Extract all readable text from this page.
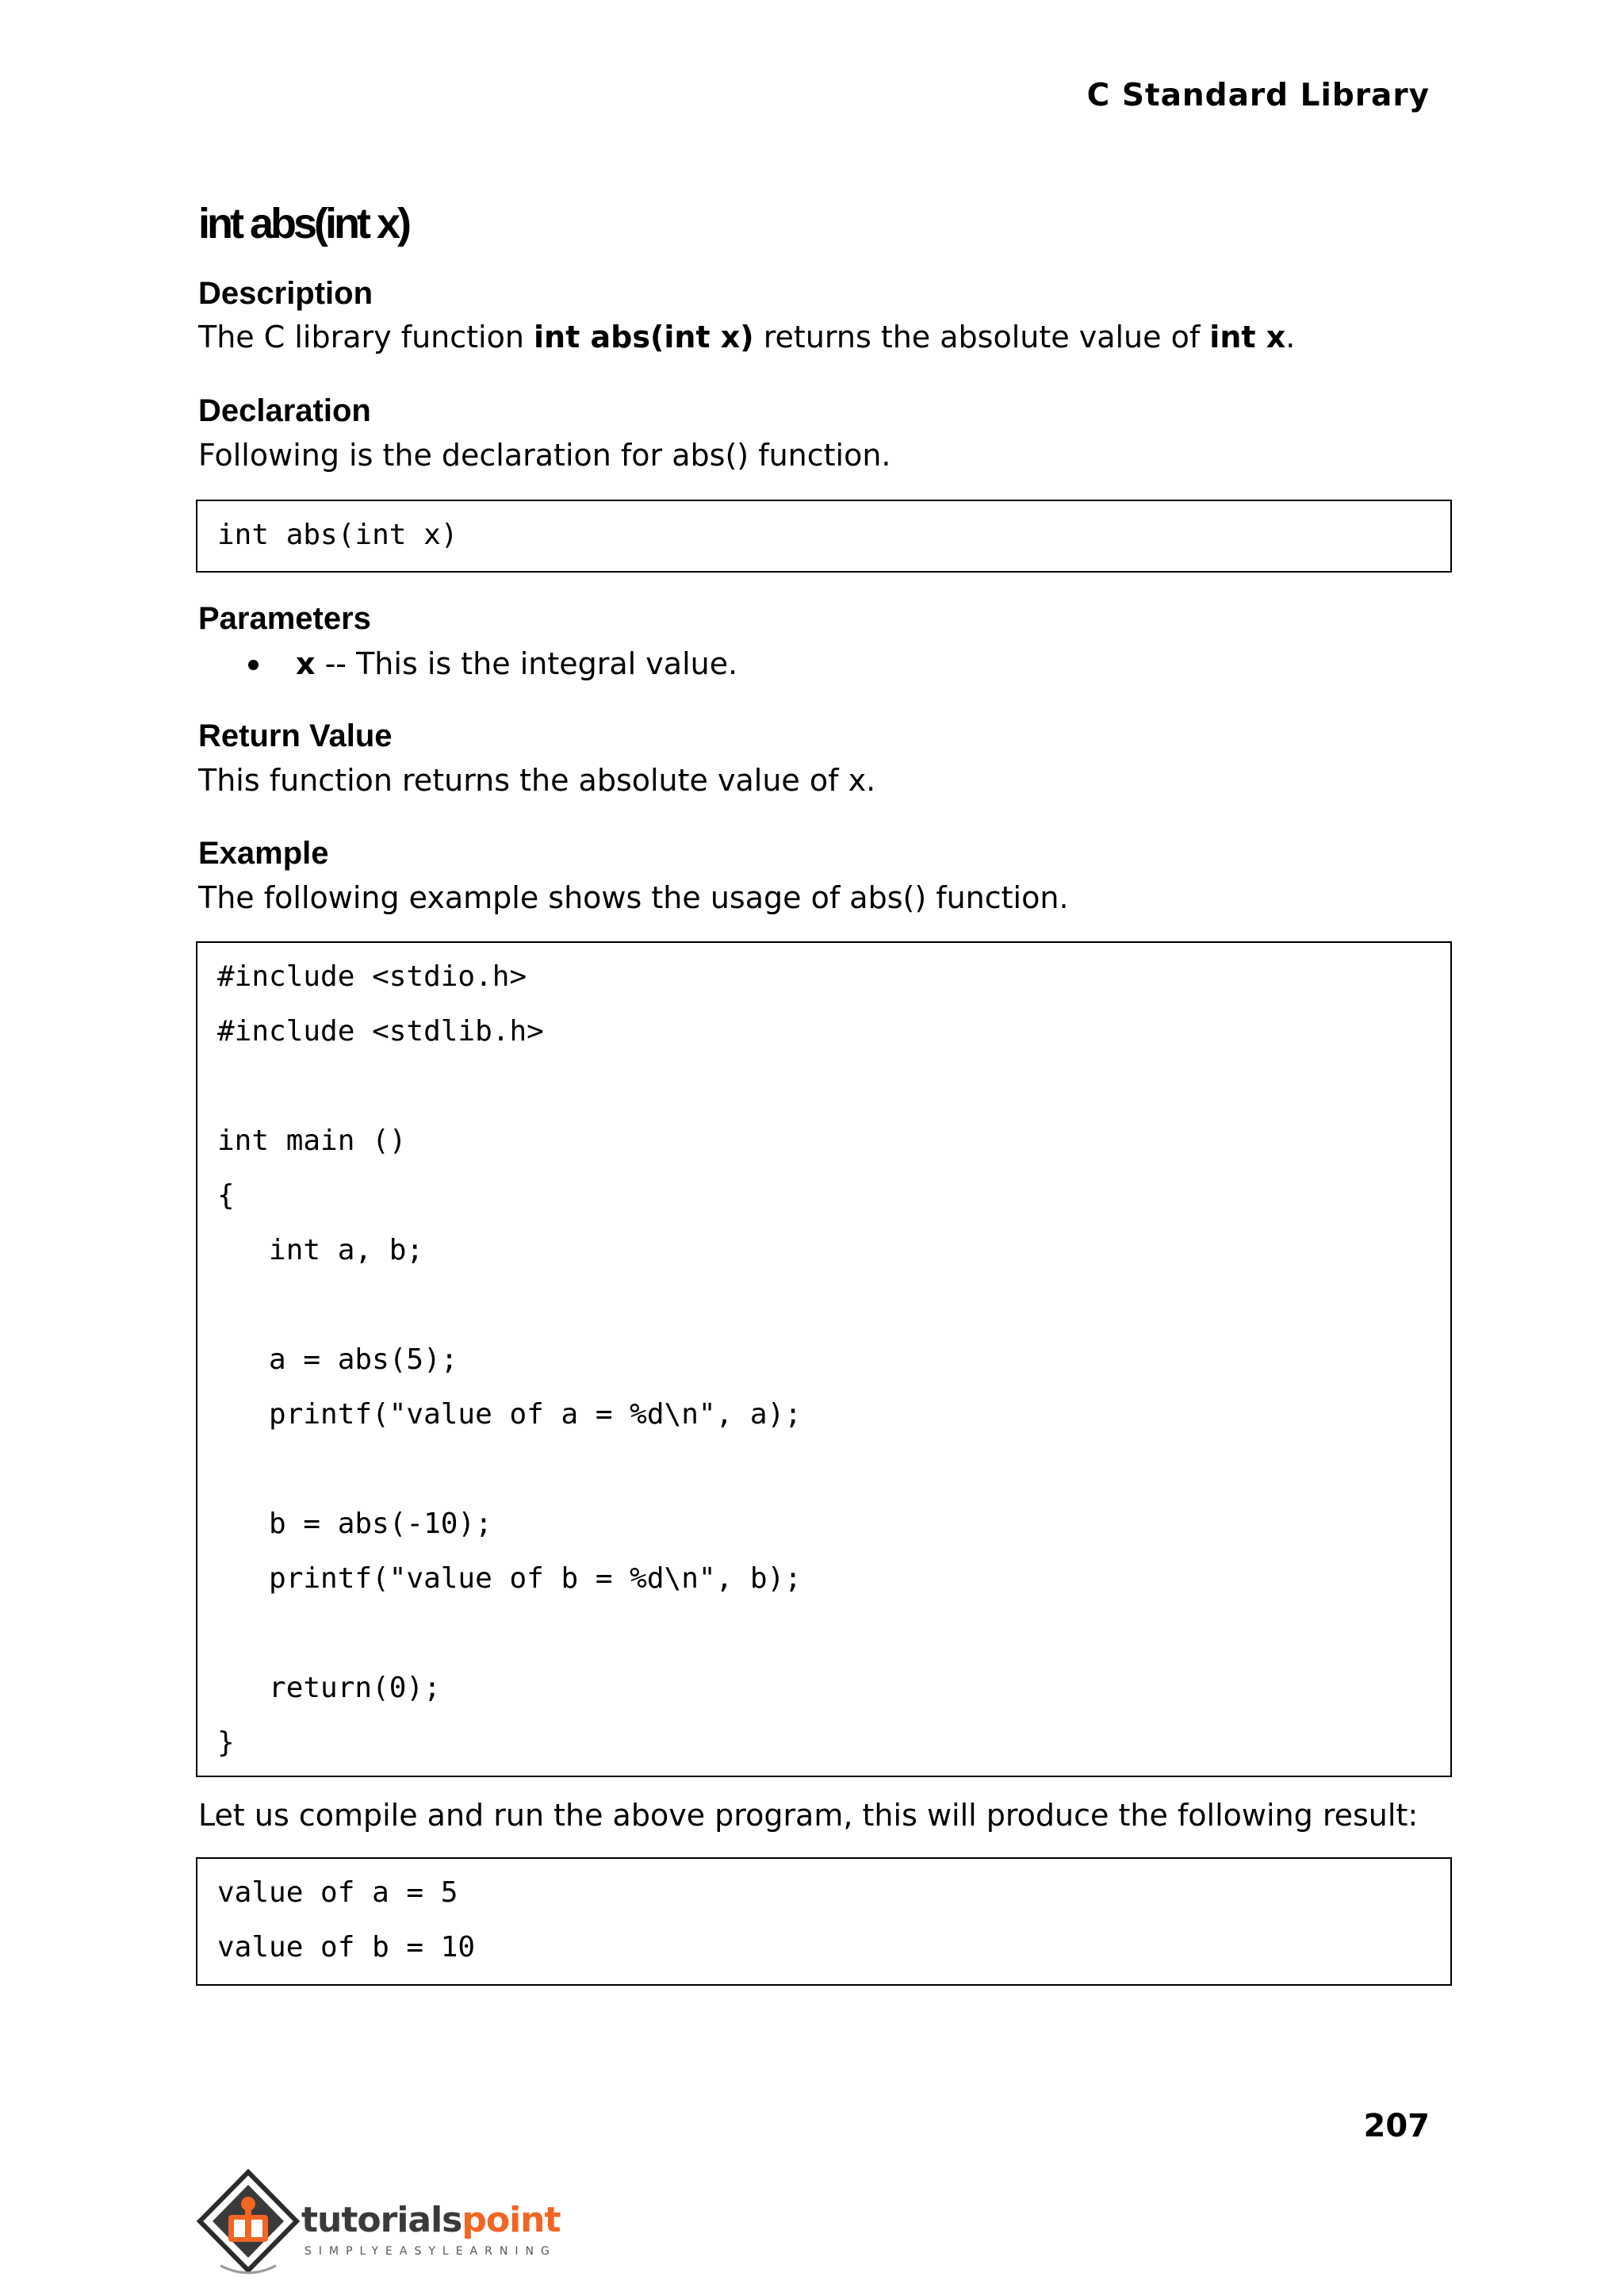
C Standard Library
int abs(int x)
Description
The C library function int abs(int x) returns the absolute value of int x.
Declaration
Following is the declaration for abs() function.
int abs(int x)
Parameters
x -- This is the integral value.
Return Value
This function returns the absolute value of x.
Example
The following example shows the usage of abs() function.
#include <stdio.h>
#include <stdlib.h>
int main ()
{
int a, b;
a = abs(5);
printf("value of a = %d\n", a);
b = abs(-10);
printf("value of b = %d\n", b);
return(0);
}
Let us compile and run the above program, this will produce the following result:
value of a = 5
value of b = 10
207
tutorialspoint
SIMPLYEASYLEARNING
